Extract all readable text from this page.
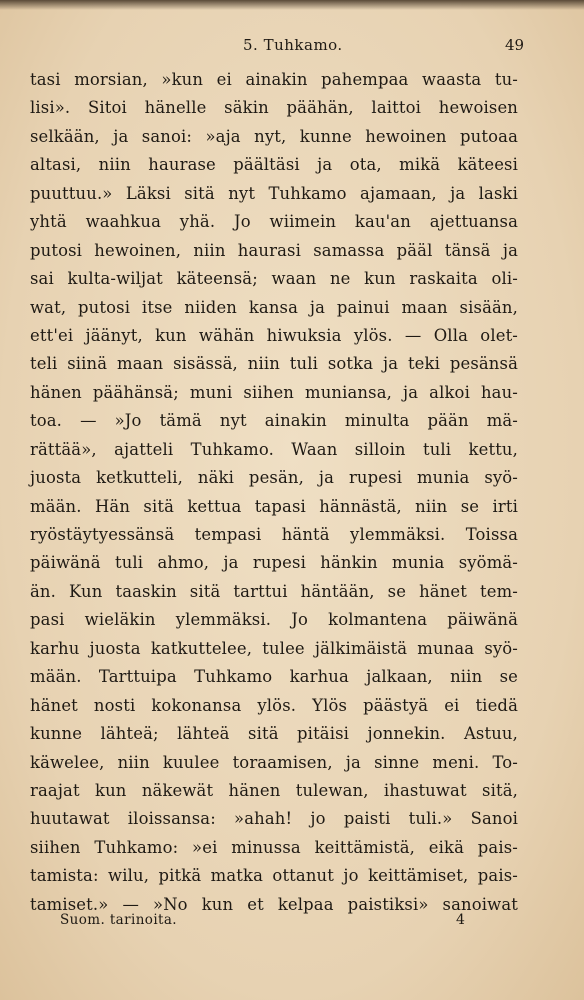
5. Tuhkamo.	49
tasi morsian, »kun ei ainakin pahempaa waasta tu-
lisi». Sitoi hänelle säkin päähän, laittoi hewoisen
selkään, ja sanoi: »aja nyt, kunne hewoinen putoaa
altasi, niin haurase päältäsi ja ota, mikä käteesi
puuttuu.» Läksi sitä nyt Tuhkamo ajamaan, ja laski
yhtä waahkua yhä. Jo wiimein kau'an ajettuansa
putosi hewoinen, niin haurasi samassa pääl tänsä ja
sai kulta-wiljat käteensä; waan ne kun raskaita oli-
wat, putosi itse niiden kansa ja painui maan sisään,
ett'ei jäänyt, kun wähän hiwuksia ylös. — Olla olet-
teli siinä maan sisässä, niin tuli sotka ja teki pesänsä
hänen päähänsä; muni siihen muniansa, ja alkoi hau-
toa. — »Jo tämä nyt ainakin minulta pään mä-
rättää», ajatteli Tuhkamo. Waan silloin tuli kettu,
juosta ketkutteli, näki pesän, ja rupesi munia syö-
mään. Hän sitä kettua tapasi hännästä, niin se irti
ryöstäytyessänsä tempasi häntä ylemmäksi. Toissa
päiwänä tuli ahmo, ja rupesi hänkin munia syömä-
än. Kun taaskin sitä tarttui häntään, se hänet tem-
pasi wieläkin ylemmäksi. Jo kolmantena päiwänä
karhu juosta katkuttelee, tulee jälkimäistä munaa syö-
mään. Tarttuipa Tuhkamo karhua jalkaan, niin se
hänet nosti kokonansa ylös. Ylös päästyä ei tiedä
kunne lähteä; lähteä sitä pitäisi jonnekin. Astuu,
käwelee, niin kuulee toraamisen, ja sinne meni. To-
raajat kun näkewät hänen tulewan, ihastuwat sitä,
huutawat iloissansa: »ahah! jo paisti tuli.» Sanoi
siihen Tuhkamo: »ei minussa keittämistä, eikä pais-
tamista: wilu, pitkä matka ottanut jo keittämiset, pais-
tamiset.» — »No kun et kelpaa paistiksi» sanoiwat
Suom. tarinoita.	4
